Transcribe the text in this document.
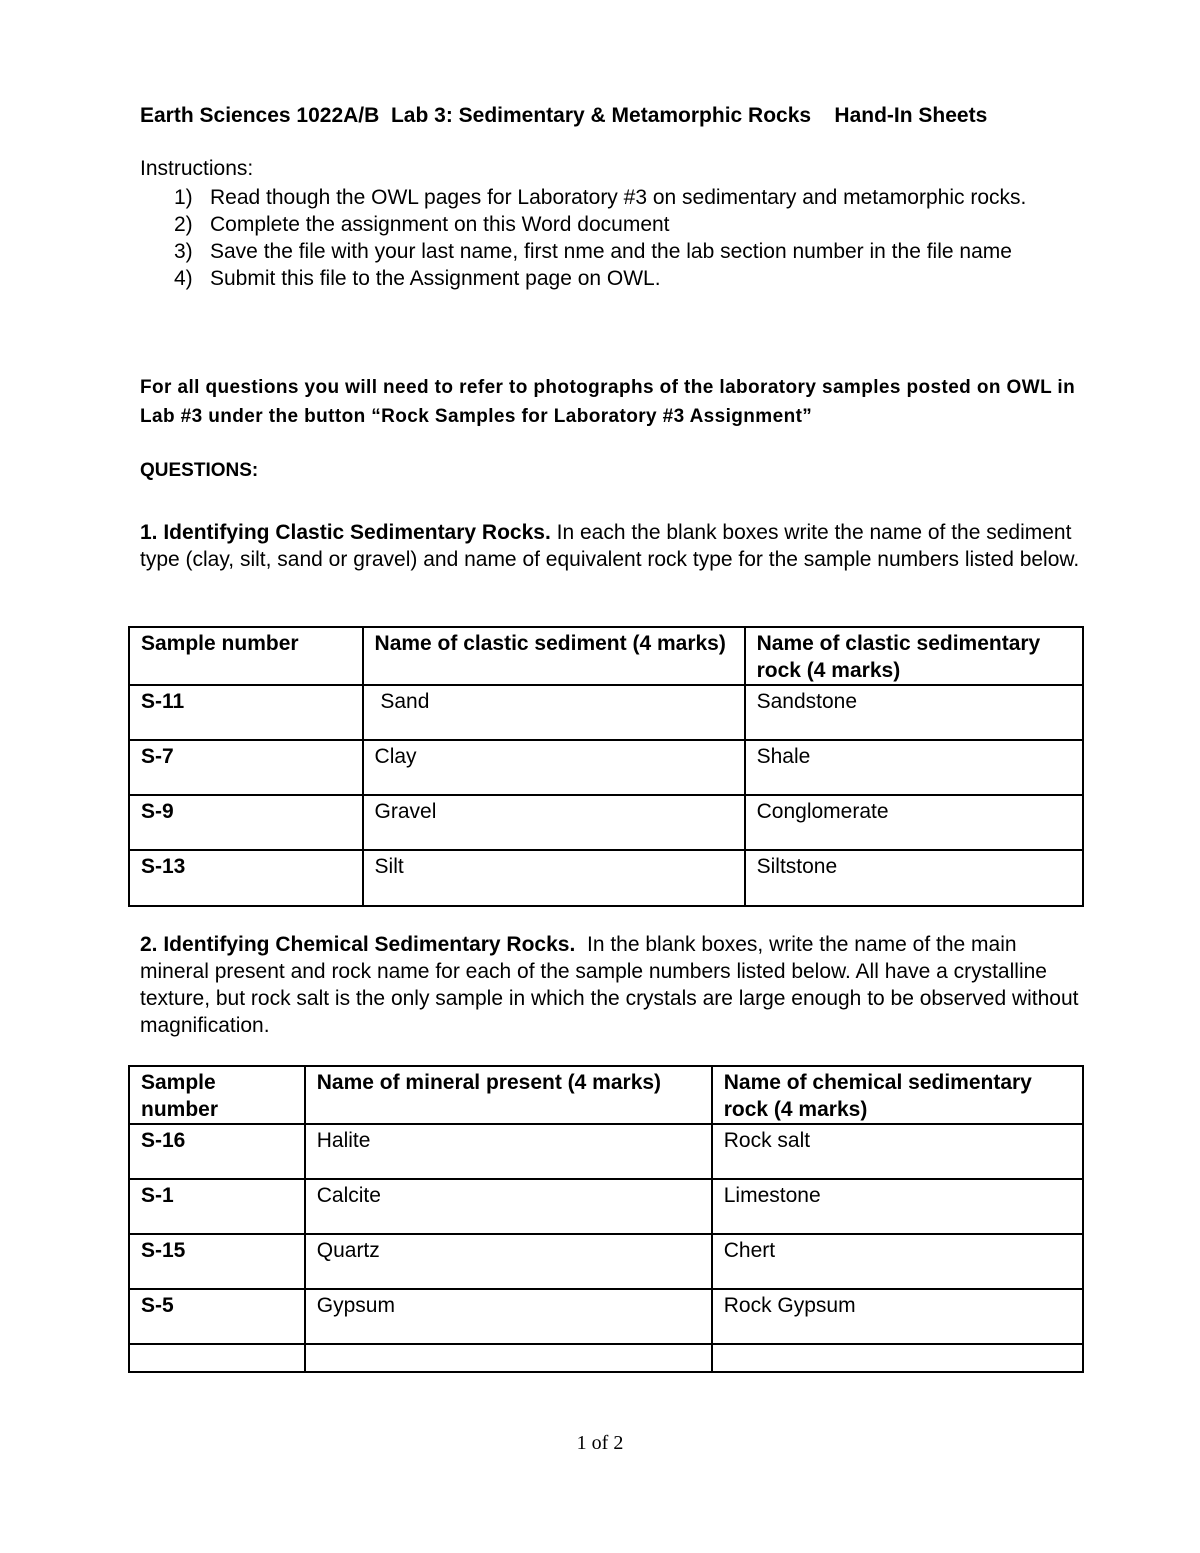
Earth Sciences 1022A/B  Lab 3: Sedimentary & Metamorphic Rocks    Hand-In Sheets
Instructions:
1) Read though the OWL pages for Laboratory #3 on sedimentary and metamorphic rocks.
2) Complete the assignment on this Word document
3) Save the file with your last name, first nme and the lab section number in the file name
4) Submit this file to the Assignment page on OWL.
For all questions you will need to refer to photographs of the laboratory samples posted on OWL in Lab #3 under the button “Rock Samples for Laboratory #3 Assignment”
QUESTIONS:
1. Identifying Clastic Sedimentary Rocks. In each the blank boxes write the name of the sediment type (clay, silt, sand or gravel) and name of equivalent rock type for the sample numbers listed below.
Sample number	Name of clastic sediment (4 marks)	Name of clastic sedimentary rock (4 marks)
S-11	Sand	Sandstone
S-7	Clay	Shale
S-9	Gravel	Conglomerate
S-13	Silt	Siltstone
2. Identifying Chemical Sedimentary Rocks.  In the blank boxes, write the name of the main mineral present and rock name for each of the sample numbers listed below. All have a crystalline texture, but rock salt is the only sample in which the crystals are large enough to be observed without magnification.
Sample number	Name of mineral present (4 marks)	Name of chemical sedimentary rock (4 marks)
S-16	Halite	Rock salt
S-1	Calcite	Limestone
S-15	Quartz	Chert
S-5	Gypsum	Rock Gypsum

1 of 2
